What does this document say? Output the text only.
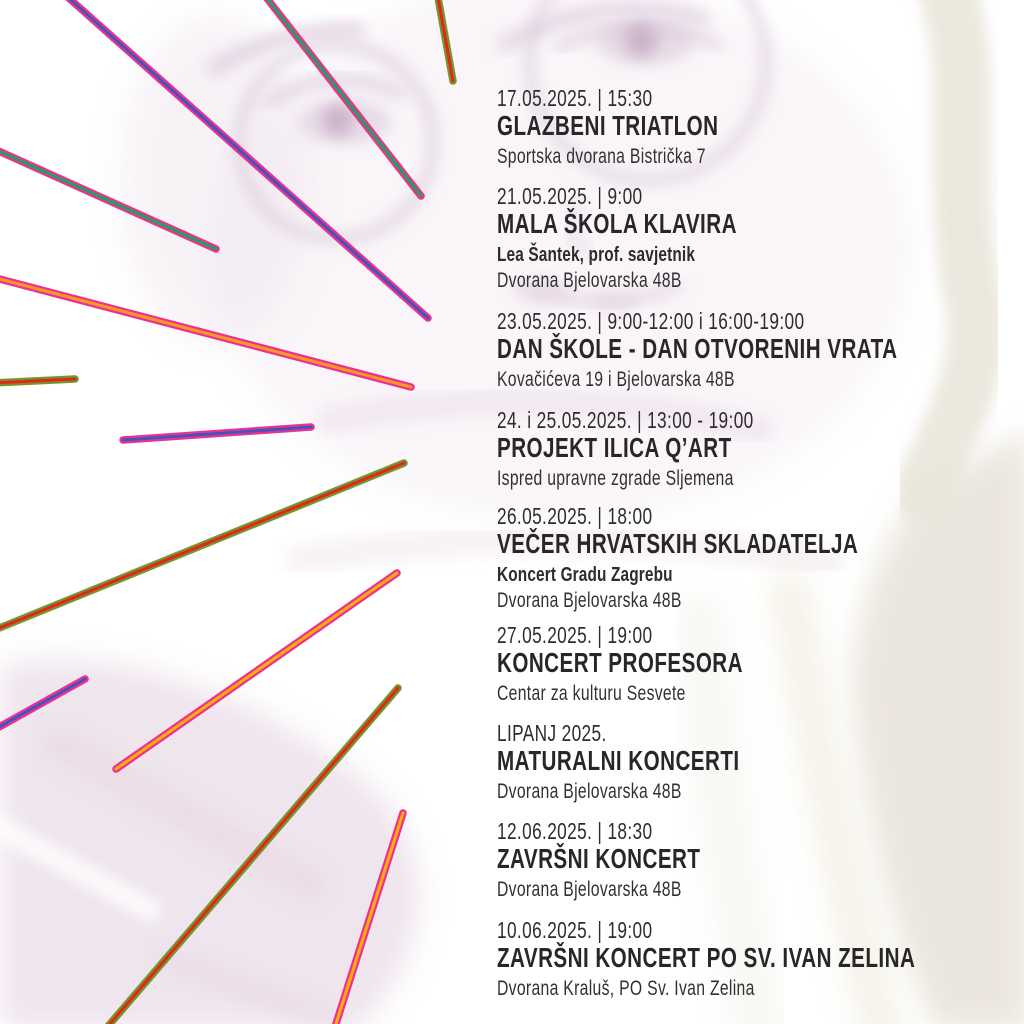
17.05.2025. | 15:30
GLAZBENI TRIATLON
Sportska dvorana Bistrička 7
21.05.2025. | 9:00
MALA ŠKOLA KLAVIRA
Lea Šantek, prof. savjetnik
Dvorana Bjelovarska 48B
23.05.2025. | 9:00-12:00 i 16:00-19:00
DAN ŠKOLE - DAN OTVORENIH VRATA
Kovačićeva 19 i Bjelovarska 48B
24. i 25.05.2025. | 13:00 - 19:00
PROJEKT ILICA Q’ART
Ispred upravne zgrade Sljemena
26.05.2025. | 18:00
VEČER HRVATSKIH SKLADATELJA
Koncert Gradu Zagrebu
Dvorana Bjelovarska 48B
27.05.2025. | 19:00
KONCERT PROFESORA
Centar za kulturu Sesvete
LIPANJ 2025.
MATURALNI KONCERTI
Dvorana Bjelovarska 48B
12.06.2025. | 18:30
ZAVRŠNI KONCERT
Dvorana Bjelovarska 48B
10.06.2025. | 19:00
ZAVRŠNI KONCERT PO SV. IVAN ZELINA
Dvorana Kraluš, PO Sv. Ivan Zelina
